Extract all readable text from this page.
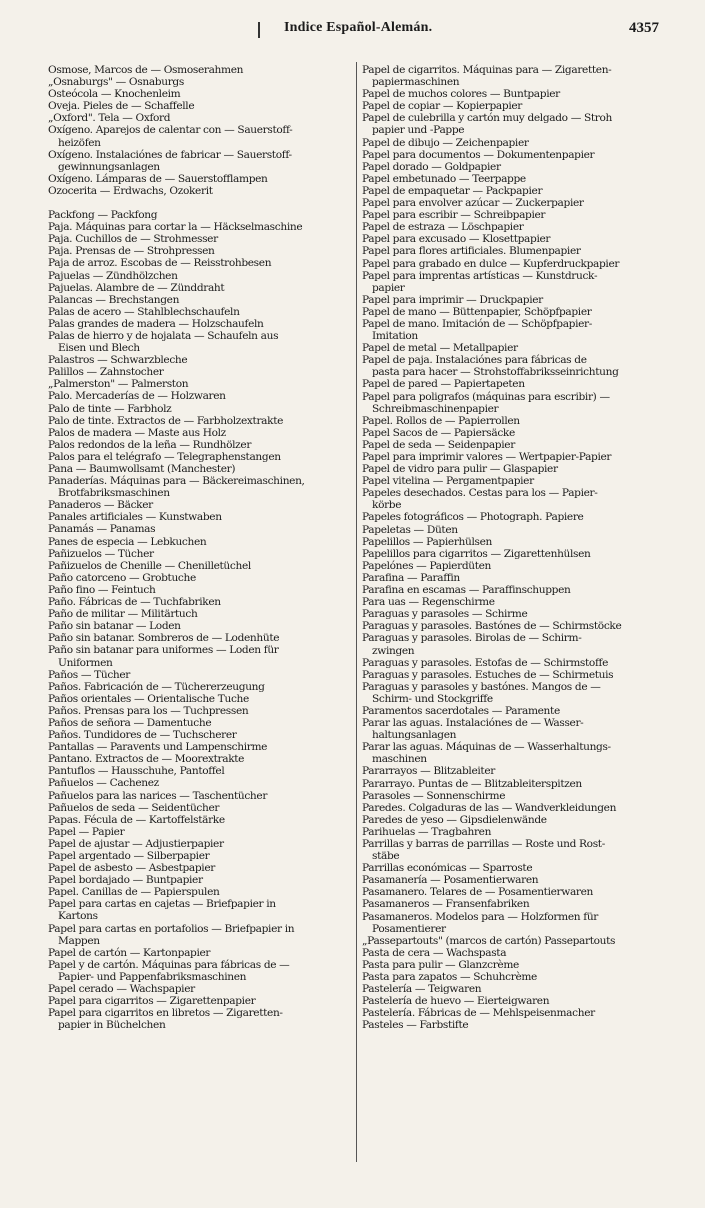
Indice Español-Alemán.	4357
Osmose, Marcos de — Osmoserahmen
„Osnaburgs" — Osnaburgs
Osteócola — Knochenleim
Oveja. Pieles de — Schaffelle
„Oxford". Tela — Oxford
Oxígeno. Aparejos de calentar con — Sauerstoff-
heizöfen
Oxígeno. Instalaciónes de fabricar — Sauerstoff-
gewinnungsanlagen
Oxígeno. Lámparas de — Sauerstofflampen
Ozocerita — Erdwachs, Ozokerit
Packfong — Packfong
Paja. Máquinas para cortar la — Häckselmaschine
Paja. Cuchillos de — Strohmesser
Paja. Prensas de — Strohpressen
Paja de arroz. Escobas de — Reisstrohbesen
Pajuelas — Zündhölzchen
Pajuelas. Alambre de — Zünddraht
Palancas — Brechstangen
Palas de acero — Stahlblechschaufeln
Palas grandes de madera — Holzschaufeln
Palas de hierro y de hojalata — Schaufeln aus
Eisen und Blech
Palastros — Schwarzbleche
Palillos — Zahnstocher
„Palmerston" — Palmerston
Palo. Mercaderías de — Holzwaren
Palo de tinte — Farbholz
Palo de tinte. Extractos de — Farbholzextrakte
Palos de madera — Maste aus Holz
Palos redondos de la leña — Rundhölzer
Palos para el telégrafo — Telegraphenstangen
Pana — Baumwollsamt (Manchester)
Panaderías. Máquinas para — Bäckereimaschinen,
Brotfabriksmaschinen
Panaderos — Bäcker
Panales artificiales — Kunstwaben
Panamás — Panamas
Panes de especia — Lebkuchen
Pañizuelos — Tücher
Pañizuelos de Chenille — Chenilletüchel
Paño catorceno — Grobtuche
Paño fino — Feintuch
Paño. Fábricas de — Tuchfabriken
Paño de militar — Militärtuch
Paño sin batanar — Loden
Paño sin batanar. Sombreros de — Lodenhüte
Paño sin batanar para uniformes — Loden für
Uniformen
Paños — Tücher
Paños. Fabricación de — Tüchererzeugung
Paños orientales — Orientalische Tuche
Paños. Prensas para los — Tuchpressen
Paños de señora — Damentuche
Paños. Tundidores de — Tuchscherer
Pantallas — Paravents und Lampenschirme
Pantano. Extractos de — Moorextrakte
Pantuflos — Hausschuhe, Pantoffel
Pañuelos — Cachenez
Pañuelos para las narices — Taschentücher
Pañuelos de seda — Seidentücher
Papas. Fécula de — Kartoffelstärke
Papel — Papier
Papel de ajustar — Adjustierpapier
Papel argentado — Silberpapier
Papel de asbesto — Asbestpapier
Papel bordajado — Buntpapier
Papel. Canillas de — Papierspulen
Papel para cartas en cajetas — Briefpapier in
Kartons
Papel para cartas en portafolios — Briefpapier in
Mappen
Papel de cartón — Kartonpapier
Papel y de cartón. Máquinas para fábricas de —
Papier- und Pappenfabriksmaschinen
Papel cerado — Wachspapier
Papel para cigarritos — Zigarettenpapier
Papel para cigarritos en libretos — Zigaretten-
papier in Büchelchen
Papel de cigarritos. Máquinas para — Zigaretten-
papiermaschinen
Papel de muchos colores — Buntpapier
Papel de copiar — Kopierpapier
Papel de culebrilla y cartón muy delgado — Stroh
papier und -Pappe
Papel de dibujo — Zeichenpapier
Papel para documentos — Dokumentenpapier
Papel dorado — Goldpapier
Papel embetunado — Teerpappe
Papel de empaquetar — Packpapier
Papel para envolver azúcar — Zuckerpapier
Papel para escribir — Schreibpapier
Papel de estraza — Löschpapier
Papel para excusado — Klosettpapier
Papel para flores artificiales. Blumenpapier
Papel para grabado en dulce — Kupferdruckpapier
Papel para imprentas artísticas — Kunstdruck-
papier
Papel para imprimir — Druckpapier
Papel de mano — Büttenpapier, Schöpfpapier
Papel de mano. Imitación de — Schöpfpapier-
Imitation
Papel de metal — Metallpapier
Papel de paja. Instalaciónes para fábricas de
pasta para hacer — Strohstoffabriksseinrichtung
Papel de pared — Papiertapeten
Papel para poligrafos (máquinas para escribir) —
Schreibmaschinenpapier
Papel. Rollos de — Papierrollen
Papel Sacos de — Papiersäcke
Papel de seda — Seidenpapier
Papel para imprimir valores — Wertpapier-Papier
Papel de vidro para pulir — Glaspapier
Papel vitelina — Pergamentpapier
Papeles desechados. Cestas para los — Papier-
körbe
Papeles fotográficos — Photograph. Papiere
Papeletas — Düten
Papelillos — Papierhülsen
Papelillos para cigarritos — Zigarettenhülsen
Papelónes — Papierdüten
Parafina — Paraffin
Parafina en escamas — Paraffinschuppen
Para uas — Regenschirme
Paraguas y parasoles — Schirme
Paraguas y parasoles. Bastónes de — Schirmstöcke
Paraguas y parasoles. Birolas de — Schirm-
zwingen
Paraguas y parasoles. Estofas de — Schirmstoffe
Paraguas y parasoles. Estuches de — Schirmetuis
Paraguas y parasoles y bastónes. Mangos de —
Schirm- und Stockgriffe
Paramentos sacerdotales — Paramente
Parar las aguas. Instalaciónes de — Wasser-
haltungsanlagen
Parar las aguas. Máquinas de — Wasserhaltungs-
maschinen
Pararrayos — Blitzableiter
Pararrayo. Puntas de — Blitzableiterspitzen
Parasoles — Sonnenschirme
Paredes. Colgaduras de las — Wandverkleidungen
Paredes de yeso — Gipsdielenwände
Parihuelas — Tragbahren
Parrillas y barras de parrillas — Roste und Rost-
stäbe
Parrillas económicas — Sparroste
Pasamanería — Posamentierwaren
Pasamanero. Telares de — Posamentierwaren
Pasamaneros — Fransenfabriken
Pasamaneros. Modelos para — Holzformen für
Posamentierer
„Passepartouts" (marcos de cartón) Passepartouts
Pasta de cera — Wachspasta
Pasta para pulir — Glanzcrème
Pasta para zapatos — Schuhcrème
Pastelería — Teigwaren
Pastelería de huevo — Eierteigwaren
Pastelería. Fábricas de — Mehlspeisenmacher
Pasteles — Farbstifte
